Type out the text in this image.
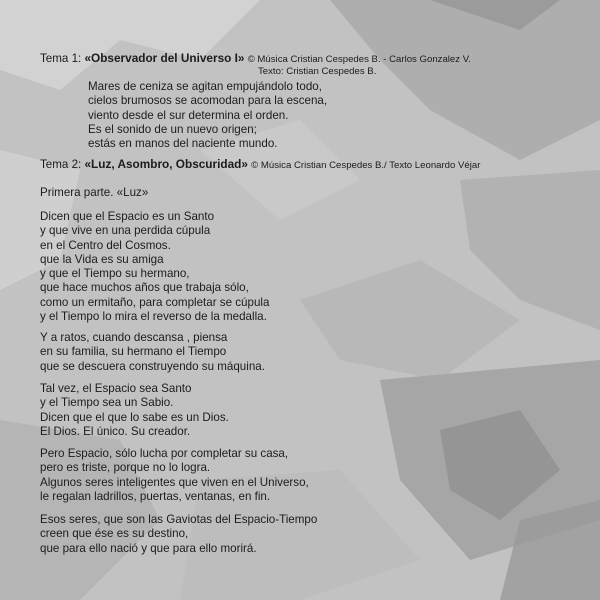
Tema 1: «Observador del Universo I» © Música Cristian Cespedes B. - Carlos Gonzalez V.
Texto: Cristian Cespedes B.
Mares de ceniza se agitan empujándolo todo,
cielos brumosos se acomodan para la escena,
viento desde el sur determina el orden.
Es el sonido de un nuevo origen;
estás en manos del naciente mundo.
Tema 2: «Luz, Asombro, Obscuridad» © Música Cristian Cespedes B./ Texto Leonardo Véjar
Primera parte. «Luz»
Dicen que el Espacio es un Santo
y que vive en una perdida cúpula
en el Centro del Cosmos.
que la Vida es su amiga
y que el Tiempo su hermano,
que hace muchos años que trabaja sólo,
como un ermitaño, para completar se cúpula
y el Tiempo lo mira el reverso de la medalla.
Y a ratos, cuando descansa , piensa
en su familia, su hermano el Tiempo
que se descuera construyendo su máquina.
Tal vez, el Espacio sea Santo
y el Tiempo sea un Sabio.
Dicen que el que lo sabe es un Dios.
El Dios. El único. Su creador.
Pero Espacio, sólo lucha por completar su casa,
pero es triste, porque no lo logra.
Algunos seres inteligentes que viven en el Universo,
le regalan ladrillos, puertas, ventanas, en fin.
Esos seres, que son las Gaviotas del Espacio-Tiempo
creen que ése es su destino,
que para ello nació y que para ello morirá.
